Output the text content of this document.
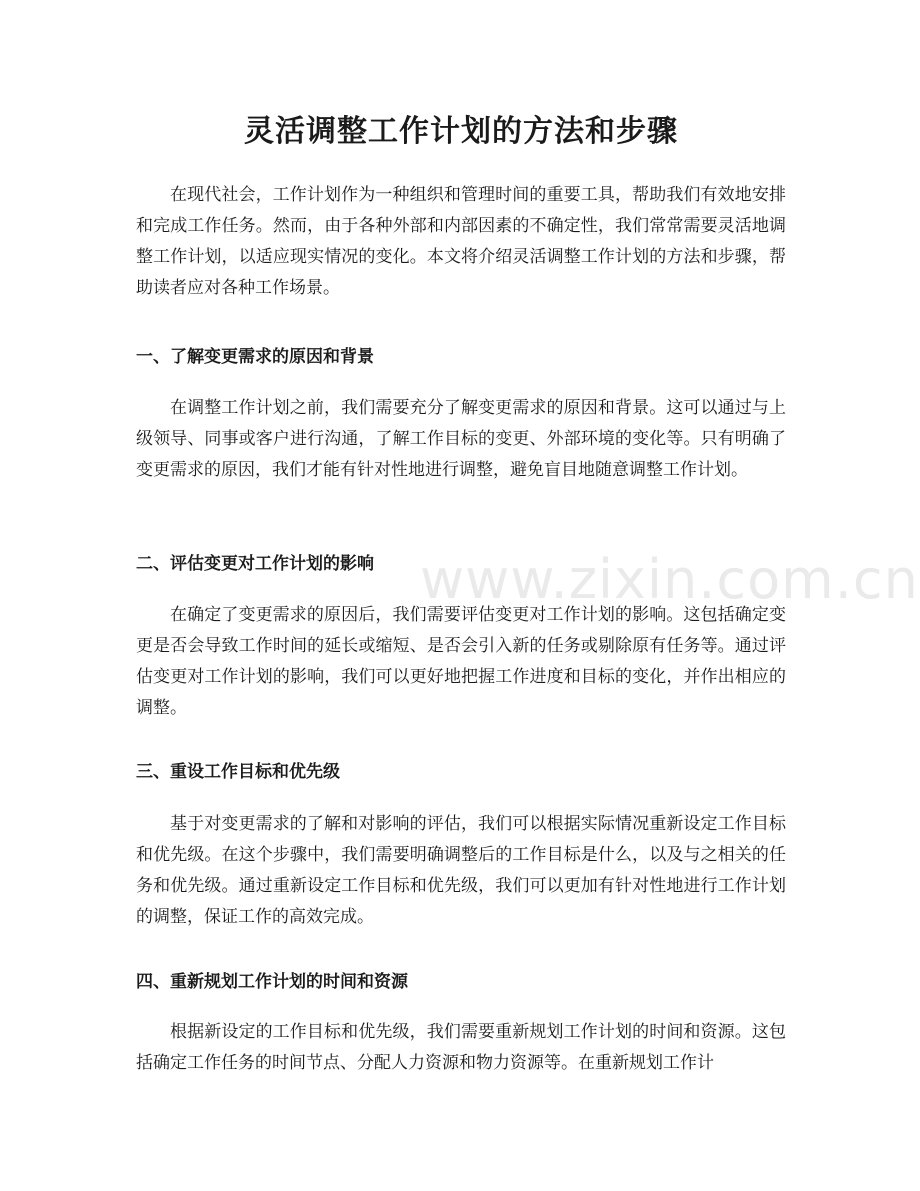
灵活调整工作计划的方法和步骤

在现代社会，工作计划作为一种组织和管理时间的重要工具，帮助我们有效地安排和完成工作任务。然而，由于各种外部和内部因素的不确定性，我们常常需要灵活地调整工作计划，以适应现实情况的变化。本文将介绍灵活调整工作计划的方法和步骤，帮助读者应对各种工作场景。

一、了解变更需求的原因和背景

在调整工作计划之前，我们需要充分了解变更需求的原因和背景。这可以通过与上级领导、同事或客户进行沟通，了解工作目标的变更、外部环境的变化等。只有明确了变更需求的原因，我们才能有针对性地进行调整，避免盲目地随意调整工作计划。

二、评估变更对工作计划的影响

在确定了变更需求的原因后，我们需要评估变更对工作计划的影响。这包括确定变更是否会导致工作时间的延长或缩短、是否会引入新的任务或剔除原有任务等。通过评估变更对工作计划的影响，我们可以更好地把握工作进度和目标的变化，并作出相应的调整。

三、重设工作目标和优先级

基于对变更需求的了解和对影响的评估，我们可以根据实际情况重新设定工作目标和优先级。在这个步骤中，我们需要明确调整后的工作目标是什么，以及与之相关的任务和优先级。通过重新设定工作目标和优先级，我们可以更加有针对性地进行工作计划的调整，保证工作的高效完成。

四、重新规划工作计划的时间和资源

根据新设定的工作目标和优先级，我们需要重新规划工作计划的时间和资源。这包括确定工作任务的时间节点、分配人力资源和物力资源等。在重新规划工作计

www.zixin.com.cn
